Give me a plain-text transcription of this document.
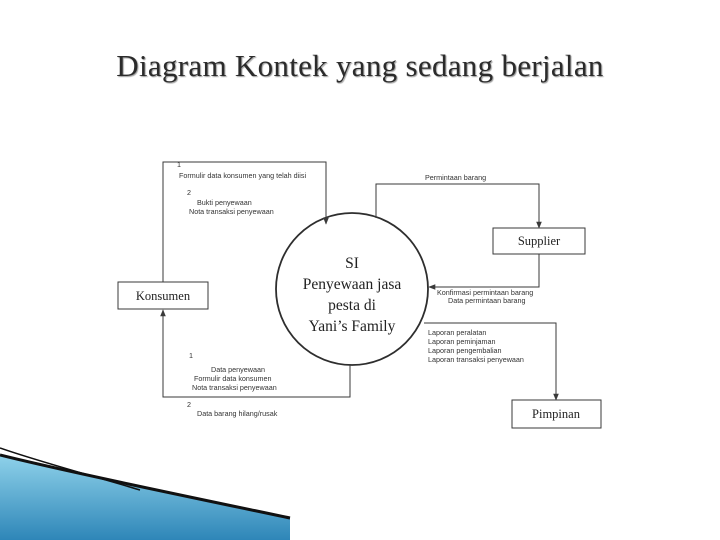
Diagram Kontek yang sedang berjalan
SI
Penyewaan jasa
pesta di
Yani’s Family
Konsumen
Supplier
Pimpinan
1
Formulir data konsumen yang telah diisi
2
Bukti penyewaan
Nota transaksi penyewaan
Permintaan barang
Konfirmasi permintaan barang
Data permintaan barang
Laporan peralatan
Laporan peminjaman
Laporan pengembalian
Laporan transaksi penyewaan
1
Data penyewaan
Formulir data konsumen
Nota transaksi penyewaan
2
Data barang hilang/rusak
